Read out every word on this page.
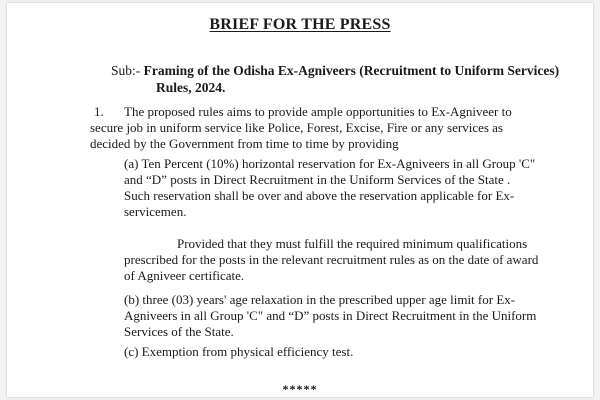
BRIEF FOR THE PRESS
Sub:- Framing of the Odisha Ex-Agniveers (Recruitment to Uniform Services)
Rules, 2024.
1. The proposed rules aims to provide ample opportunities to Ex-Agniveer to
secure job in uniform service like Police, Forest, Excise, Fire or any services as
decided by the Government from time to time by providing
(a) Ten Percent (10%) horizontal reservation for Ex-Agniveers in all Group 'C"
and “D” posts in Direct Recruitment in the Uniform Services of the State .
Such reservation shall be over and above the reservation applicable for Ex-
servicemen.
Provided that they must fulfill the required minimum qualifications
prescribed for the posts in the relevant recruitment rules as on the date of award
of Agniveer certificate.
(b) three (03) years' age relaxation in the prescribed upper age limit for Ex-
Agniveers in all Group 'C" and “D” posts in Direct Recruitment in the Uniform
Services of the State.
(c) Exemption from physical efficiency test.
*****
